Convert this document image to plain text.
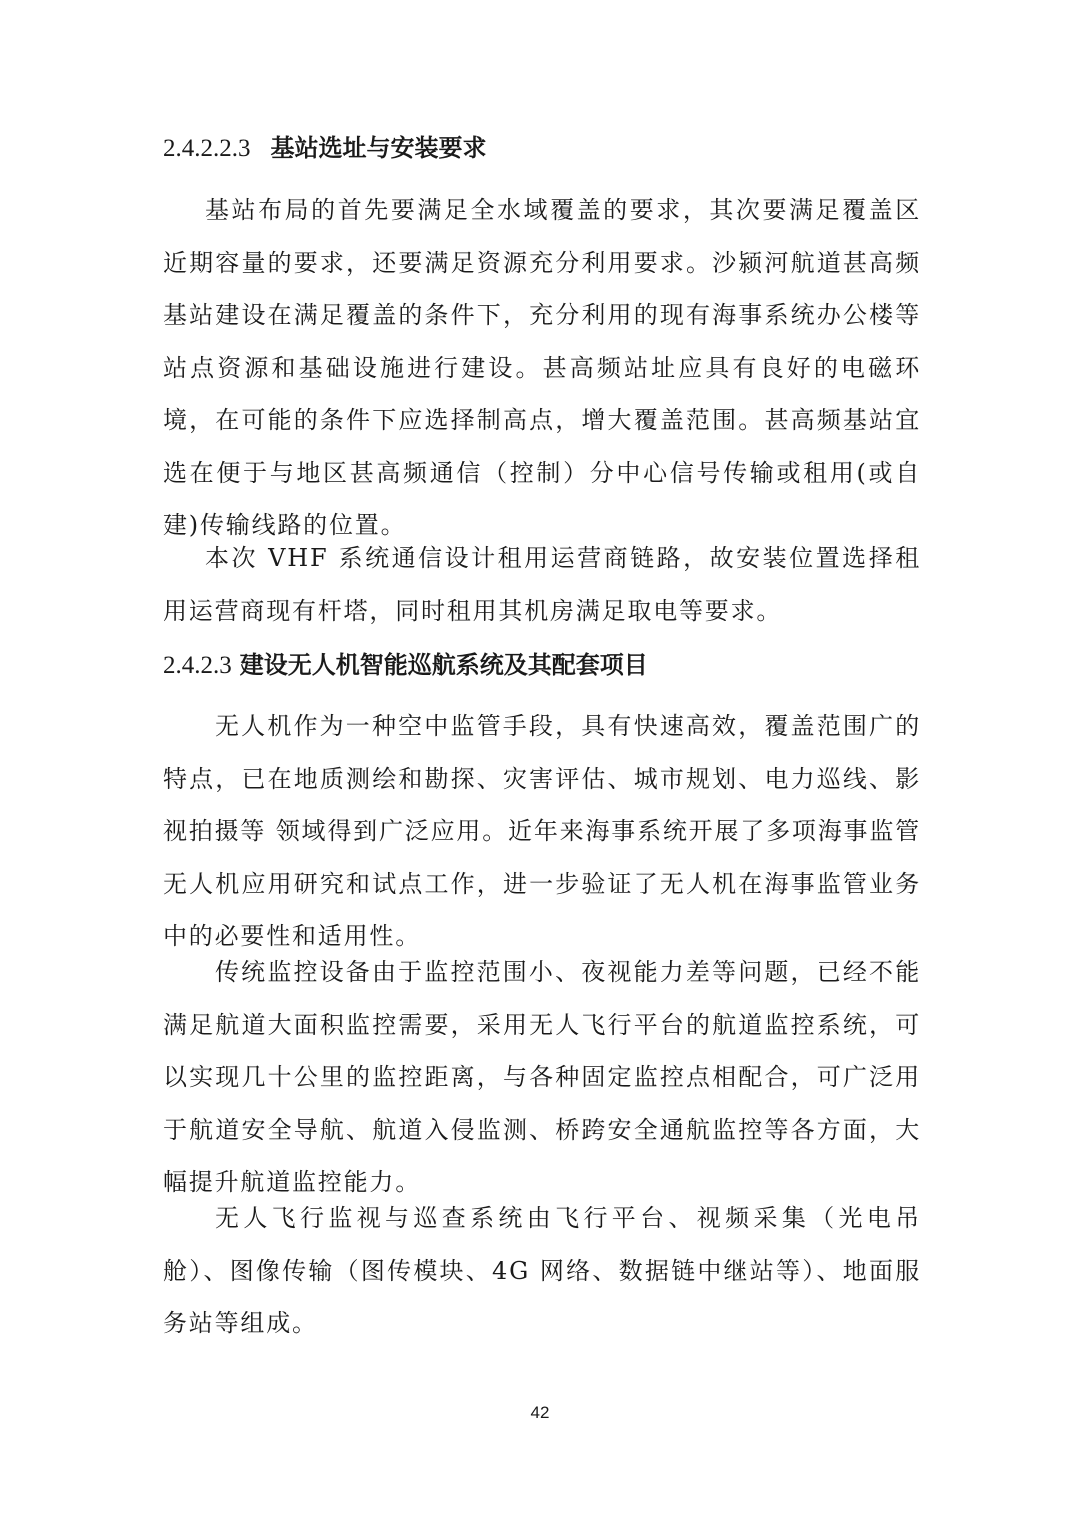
2.4.2.2.3 基站选址与安装要求

基站布局的首先要满足全水域覆盖的要求，其次要满足覆盖区近期容量的要求，还要满足资源充分利用要求。沙颍河航道甚高频基站建设在满足覆盖的条件下，充分利用的现有海事系统办公楼等站点资源和基础设施进行建设。甚高频站址应具有良好的电磁环境，在可能的条件下应选择制高点，增大覆盖范围。甚高频基站宜选在便于与地区甚高频通信（控制）分中心信号传输或租用(或自建)传输线路的位置。

本次 VHF 系统通信设计租用运营商链路，故安装位置选择租用运营商现有杆塔，同时租用其机房满足取电等要求。

2.4.2.3 建设无人机智能巡航系统及其配套项目

无人机作为一种空中监管手段，具有快速高效，覆盖范围广的特点，已在地质测绘和勘探、灾害评估、城市规划、电力巡线、影视拍摄等 领域得到广泛应用。近年来海事系统开展了多项海事监管无人机应用研究和试点工作，进一步验证了无人机在海事监管业务中的必要性和适用性。

传统监控设备由于监控范围小、夜视能力差等问题，已经不能满足航道大面积监控需要，采用无人飞行平台的航道监控系统，可以实现几十公里的监控距离，与各种固定监控点相配合，可广泛用于航道安全导航、航道入侵监测、桥跨安全通航监控等各方面，大幅提升航道监控能力。

无人飞行监视与巡查系统由飞行平台、视频采集（光电吊舱）、图像传输（图传模块、4G 网络、数据链中继站等）、地面服务站等组成。

42
